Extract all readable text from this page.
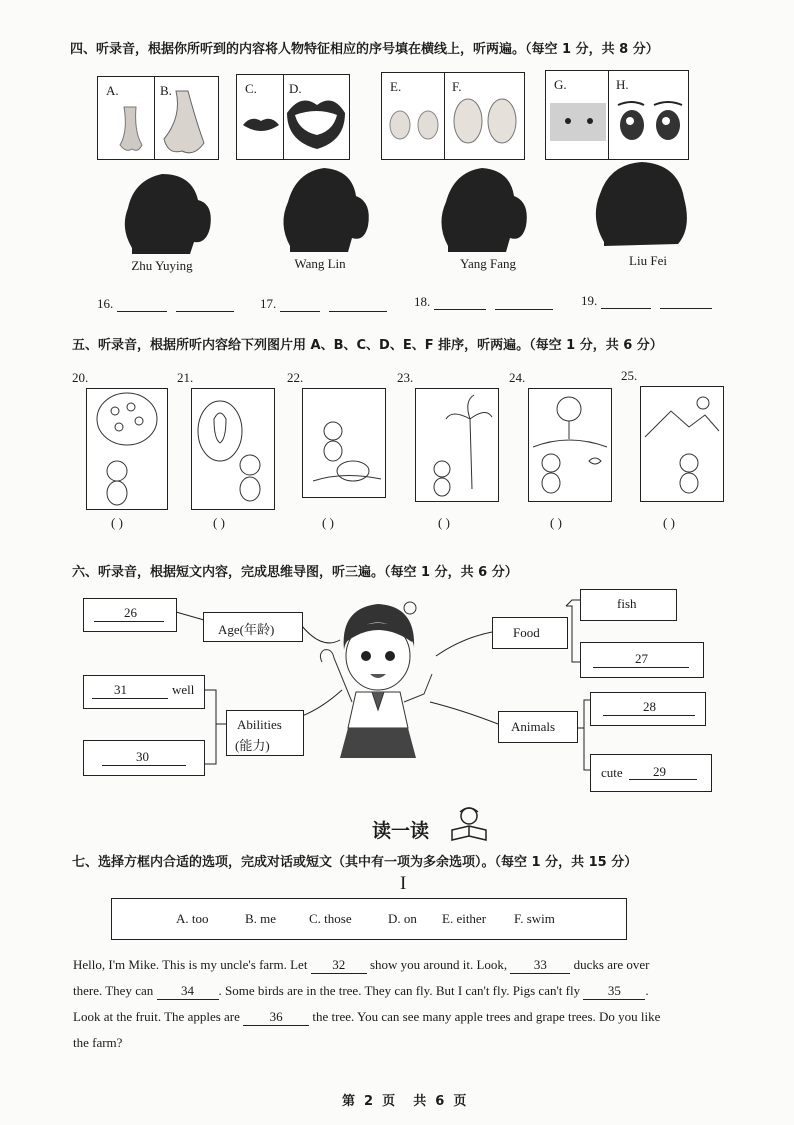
四、听录音，根据你所听到的内容将人物特征相应的序号填在横线上，听两遍。（每空 1 分，共 8 分）
A.	B.	C. D.	E.	F.	G.	H.
Zhu Yuying	Wang Lin	Yang Fang	Liu Fei
16.	17.	18.	19.
五、听录音，根据所听内容给下列图片用 A、B、C、D、E、F 排序，听两遍。（每空 1 分，共 6 分）
20.	21.	22.	23.	24.	25.
( )	( )	( )	( )	( )	( )
六、听录音，根据短文内容，完成思维导图，听三遍。（每空 1 分，共 6 分）
26
Age(年龄)
31	well
30
Abilities
(能力)
fish
Food
27
28
Animals
cute 29
读一读
七、选择方框内合适的选项，完成对话或短文（其中有一项为多余选项）。（每空 1 分，共 15 分）
I
A. too	B. me	C. those	D. on E. either F. swim
Hello, I'm Mike. This is my uncle's farm. Let 32 show you around it. Look, 33 ducks are over
there. They can 34 . Some birds are in the tree. They can fly. But I can't fly. Pigs can't fly 35 .
Look at the fruit. The apples are 36 the tree. You can see many apple trees and grape trees. Do you like
the farm?
第  2  页    共  6  页
